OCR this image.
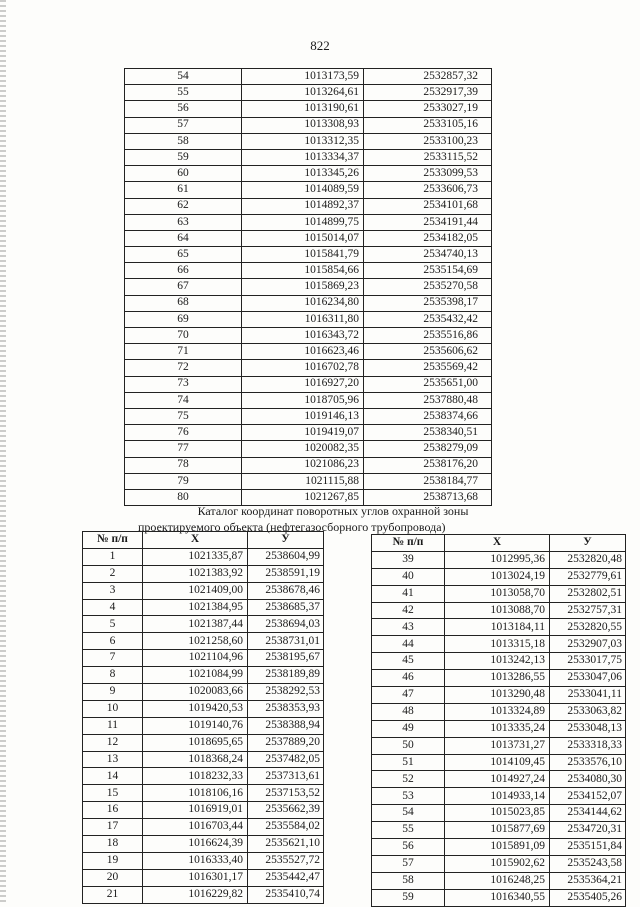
822
54	1013173,59	2532857,32
55	1013264,61	2532917,39
56	1013190,61	2533027,19
57	1013308,93	2533105,16
58	1013312,35	2533100,23
59	1013334,37	2533115,52
60	1013345,26	2533099,53
61	1014089,59	2533606,73
62	1014892,37	2534101,68
63	1014899,75	2534191,44
64	1015014,07	2534182,05
65	1015841,79	2534740,13
66	1015854,66	2535154,69
67	1015869,23	2535270,58
68	1016234,80	2535398,17
69	1016311,80	2535432,42
70	1016343,72	2535516,86
71	1016623,46	2535606,62
72	1016702,78	2535569,42
73	1016927,20	2535651,00
74	1018705,96	2537880,48
75	1019146,13	2538374,66
76	1019419,07	2538340,51
77	1020082,35	2538279,09
78	1021086,23	2538176,20
79	1021115,88	2538184,77
80	1021267,85	2538713,68
Каталог координат поворотных углов охранной зоны
проектируемого объекта (нефтегазосборного трубопровода)
№ п/п	Х	У
1	1021335,87	2538604,99
2	1021383,92	2538591,19
3	1021409,00	2538678,46
4	1021384,95	2538685,37
5	1021387,44	2538694,03
6	1021258,60	2538731,01
7	1021104,96	2538195,67
8	1021084,99	2538189,89
9	1020083,66	2538292,53
10	1019420,53	2538353,93
11	1019140,76	2538388,94
12	1018695,65	2537889,20
13	1018368,24	2537482,05
14	1018232,33	2537313,61
15	1018106,16	2537153,52
16	1016919,01	2535662,39
17	1016703,44	2535584,02
18	1016624,39	2535621,10
19	1016333,40	2535527,72
20	1016301,17	2535442,47
21	1016229,82	2535410,74
№ п/п	Х	У
39	1012995,36	2532820,48
40	1013024,19	2532779,61
41	1013058,70	2532802,51
42	1013088,70	2532757,31
43	1013184,11	2532820,55
44	1013315,18	2532907,03
45	1013242,13	2533017,75
46	1013286,55	2533047,06
47	1013290,48	2533041,11
48	1013324,89	2533063,82
49	1013335,24	2533048,13
50	1013731,27	2533318,33
51	1014109,45	2533576,10
52	1014927,24	2534080,30
53	1014933,14	2534152,07
54	1015023,85	2534144,62
55	1015877,69	2534720,31
56	1015891,09	2535151,84
57	1015902,62	2535243,58
58	1016248,25	2535364,21
59	1016340,55	2535405,26
